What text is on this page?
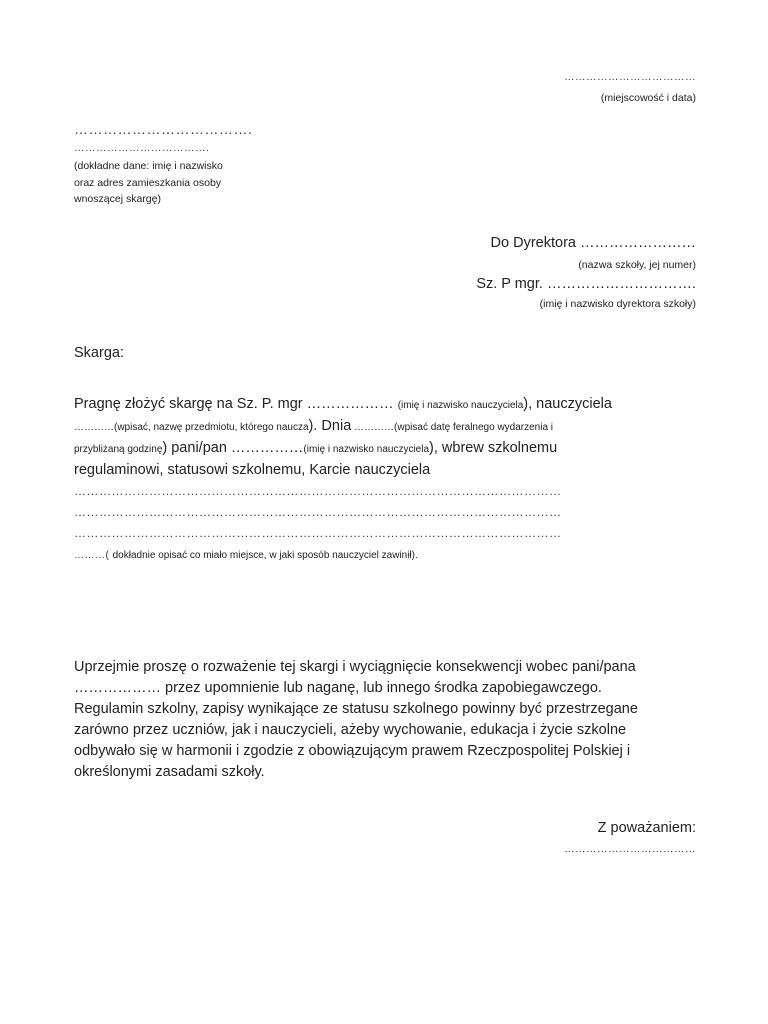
………………………………
(miejscowość i data)
……………………………….
……………………………….
(dokładne dane: imię i nazwisko
oraz adres zamieszkania osoby
wnoszącej skargę)
Do Dyrektora ……………………
(nazwa szkoły, jej numer)
Sz. P mgr. ………………………….
(imię i nazwisko dyrektora szkoły)
Skarga:
Pragnę złożyć skargę na Sz. P. mgr ……………… (imię i nazwisko nauczyciela), nauczyciela
…………(wpisać, nazwę przedmiotu, którego naucza). Dnia …………(wpisać datę feralnego wydarzenia i
przybliżaną godzinę) pani/pan ……………(imię i nazwisko nauczyciela), wbrew szkolnemu
regulaminowi, statusowi szkolnemu, Karcie nauczyciela
………………………………………………………………………………………………………
………………………………………………………………………………………………………
………………………………………………………………………………………………………
………( dokładnie opisać co miało miejsce, w jaki sposób nauczyciel zawinił).
Uprzejmie proszę o rozważenie tej skargi i wyciągnięcie konsekwencji wobec pani/pana
……………… przez upomnienie lub naganę, lub innego środka zapobiegawczego.
Regulamin szkolny, zapisy wynikające ze statusu szkolnego powinny być przestrzegane
zarówno przez uczniów, jak i nauczycieli, ażeby wychowanie, edukacja i życie szkolne
odbywało się w harmonii i zgodzie z obowiązującym prawem Rzeczpospolitej Polskiej i
określonymi zasadami szkoły.
Z poważaniem:
………………………………
